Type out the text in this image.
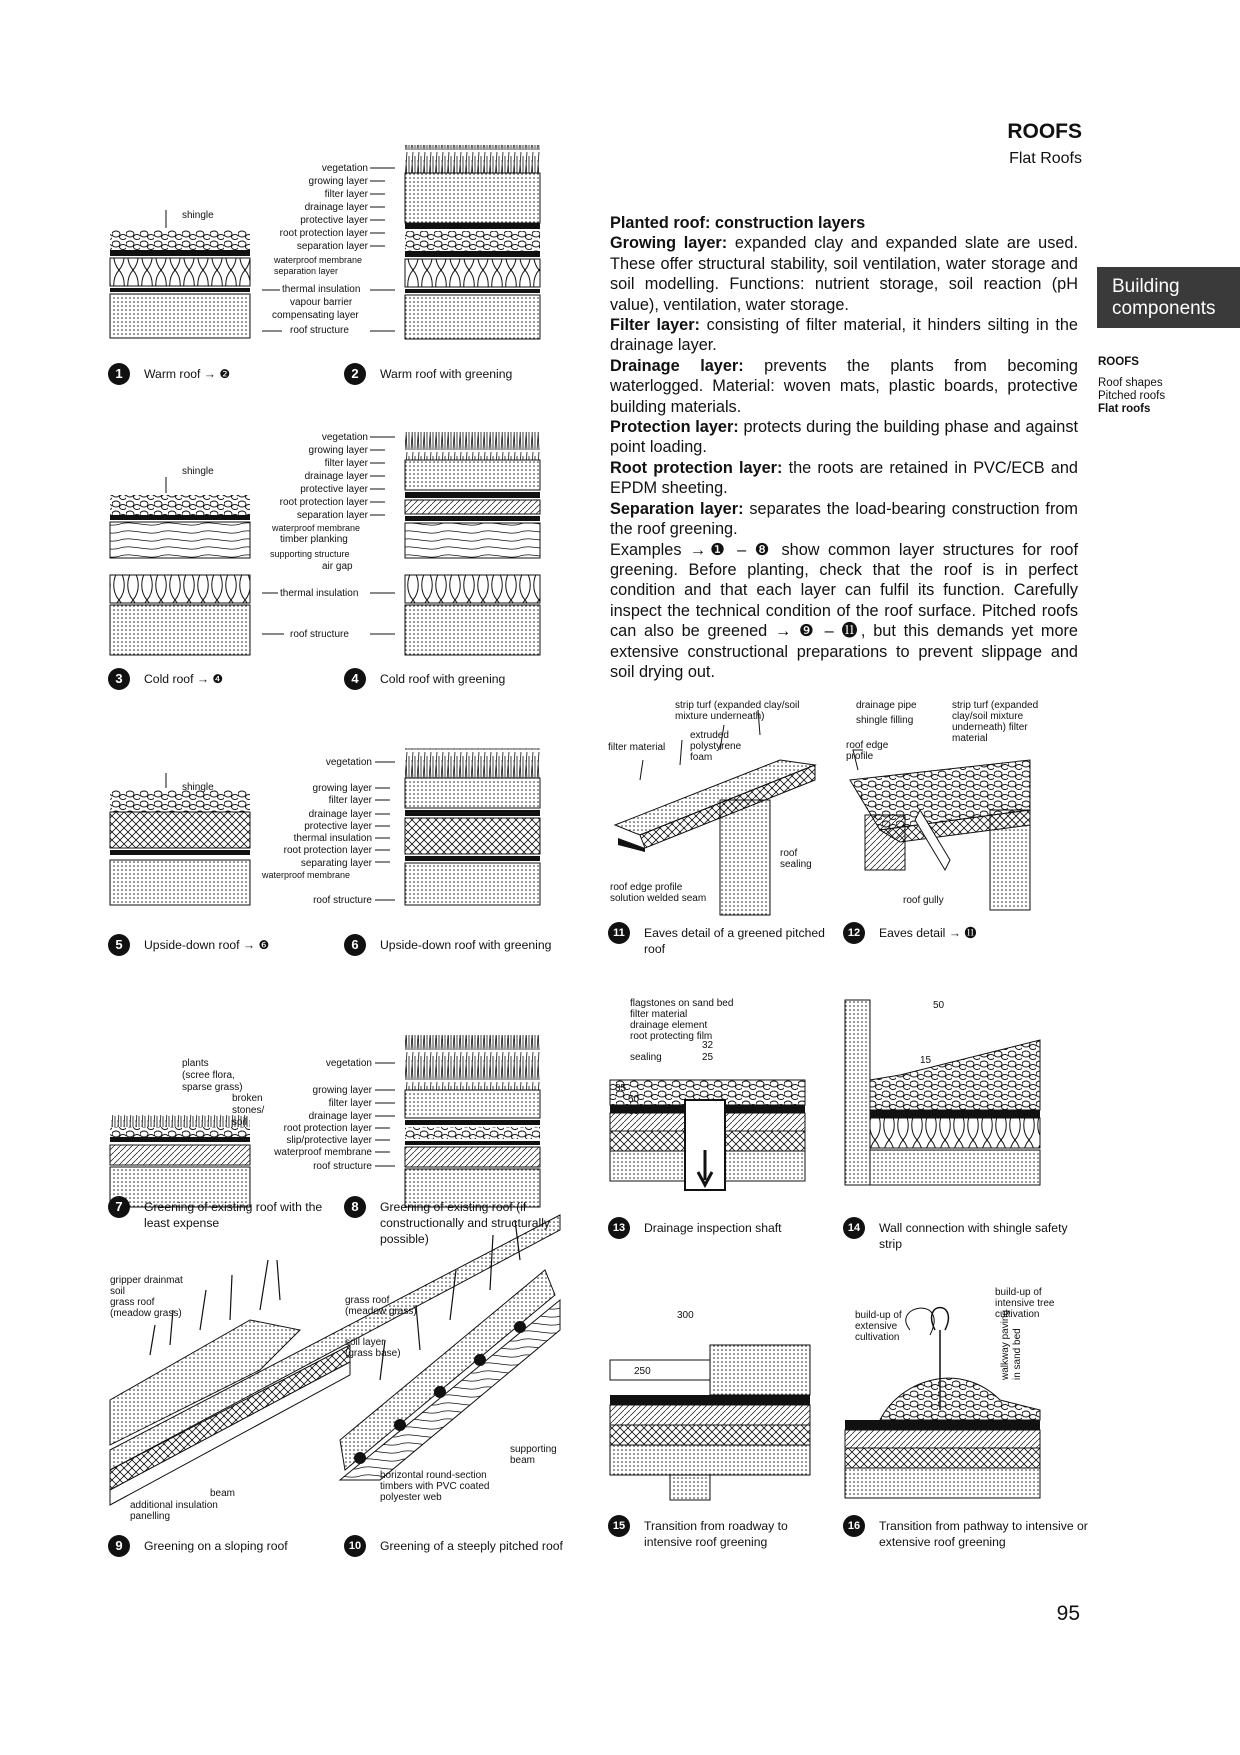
ROOFS
Flat Roofs
Building components
ROOFS
Roof shapes
Pitched roofs
Flat roofs

Planted roof: construction layers

Growing layer: expanded clay and expanded slate are used. These offer structural stability, soil ventilation, water storage and soil modelling. Functions: nutrient storage, soil reaction (pH value), ventilation, water storage.

Filter layer: consisting of filter material, it hinders silting in the drainage layer.

Drainage layer: prevents the plants from becoming waterlogged. Material: woven mats, plastic boards, protective building materials.

Protection layer: protects during the building phase and against point loading.

Root protection layer: the roots are retained in PVC/ECB and EPDM sheeting.

Separation layer: separates the load-bearing construction from the roof greening.

Examples →❶ – ❽ show common layer structures for roof greening. Before planting, check that the roof is in perfect condition and that each layer can fulfil its function. Carefully inspect the technical condition of the roof surface. Pitched roofs can also be greened → ❾ – ⓫, but this demands yet more extensive constructional preparations to prevent slippage and soil drying out.

1	Warm roof → ❷	2	Warm roof with greening
3	Cold roof → ❹	4	Cold roof with greening
5	Upside-down roof → ❻	6	Upside-down roof with greening
7	Greening of existing roof with the least expense
8	Greening of existing roof (if constructionally and structurally possible)
9	Greening on a sloping roof	10	Greening of a steeply pitched roof
11	Eaves detail of a greened pitched roof
12	Eaves detail → ⓫
13	Drainage inspection shaft	14	Wall connection with shingle safety strip
15	Transition from roadway to intensive roof greening
16	Transition from pathway to intensive or extensive roof greening
shingle
vegetation
growing layer
filter layer
drainage layer
protective layer
root protection layer
separation layer
waterproof membrane
separation layer
thermal insulation
vapour barrier
compensating layer
roof structure
shingle
vegetation
growing layer
filter layer
drainage layer
protective layer
root protection layer
separation layer
waterproof membrane
timber planking
supporting structure
air gap
thermal insulation
roof structure
shingle
vegetation
growing layer
filter layer
drainage layer
protective layer
thermal insulation
root protection layer
separating layer
waterproof membrane
roof structure
vegetation
growing layer
filter layer
drainage layer
root protection layer
slip/protective layer
waterproof membrane
roof structure
plants
(scree flora,
sparse grass)
broken
stones/
soil
gripper drainmat
soil
grass roof
(meadow grass)
beam
additional insulation
panelling
grass roof
(meadow grass)
soil layer
(grass base)
supporting
beam
horizontal round-section
timbers with PVC coated
polyester web
strip turf (expanded clay/soil
mixture underneath)
extruded
polystyrene
foam
filter material
roof
sealing
roof edge profile
solution welded seam
drainage pipe
shingle filling
strip turf (expanded
clay/soil mixture
underneath) filter
material
roof edge
profile
roof gully
flagstones on sand bed
filter material
drainage element
root protecting film
sealing
32
25
85
50
60
50
15
300
250
build-up of
intensive tree
cultivation
build-up of
extensive
cultivation	walkway paving in sand bed
95
